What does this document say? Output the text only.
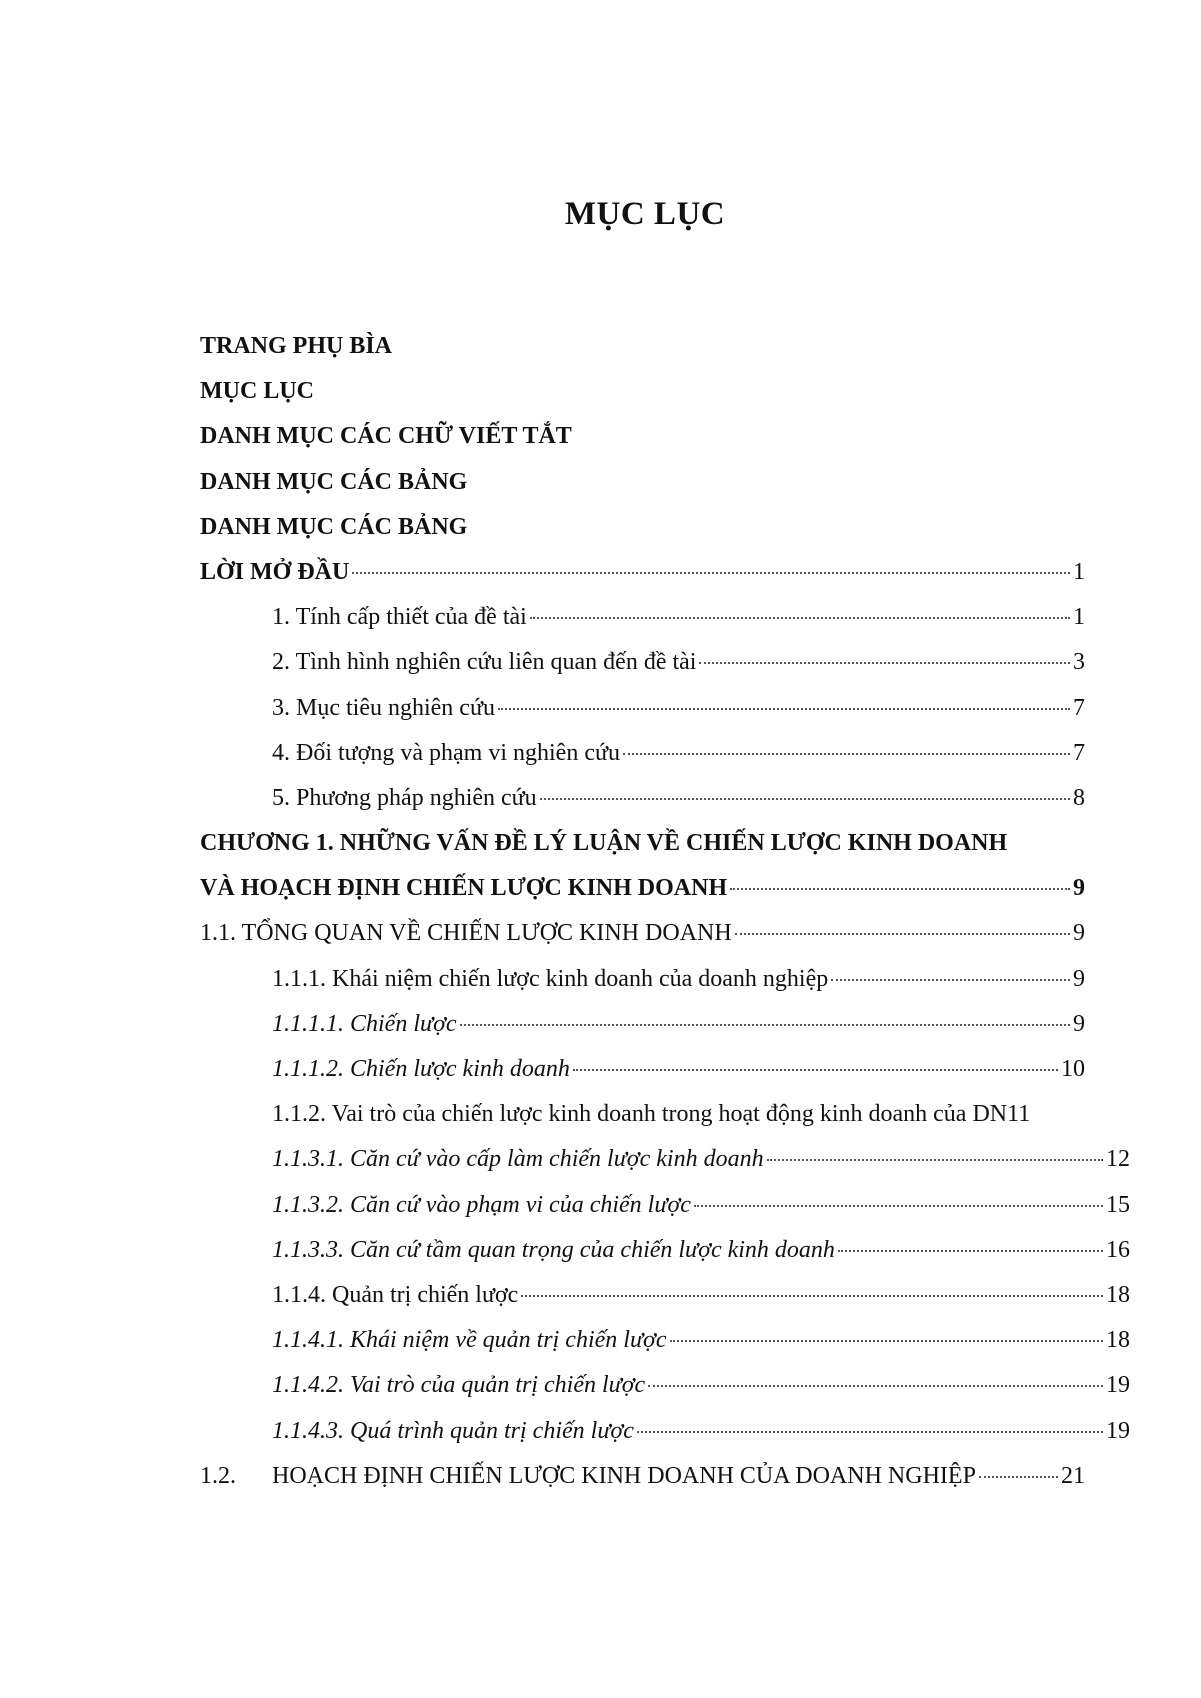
MỤC LỤC
TRANG PHỤ BÌA
MỤC LỤC
DANH MỤC CÁC CHỮ VIẾT TẮT
DANH MỤC CÁC BẢNG
DANH MỤC CÁC BẢNG
LỜI MỞ ĐẦU	1
1. Tính cấp thiết của đề tài	1
2. Tình hình nghiên cứu liên quan đến đề tài	3
3. Mục tiêu nghiên cứu	7
4. Đối tượng và phạm vi nghiên cứu	7
5. Phương pháp nghiên cứu	8
CHƯƠNG 1. NHỮNG VẤN ĐỀ LÝ LUẬN VỀ CHIẾN LƯỢC KINH DOANH
VÀ HOẠCH ĐỊNH CHIẾN LƯỢC KINH DOANH	9
1.1. TỔNG QUAN VỀ CHIẾN LƯỢC KINH DOANH	9
1.1.1. Khái niệm chiến lược kinh doanh của doanh nghiệp	9
1.1.1.1. Chiến lược	9
1.1.1.2. Chiến lược kinh doanh	10
1.1.2. Vai trò của chiến lược kinh doanh trong hoạt động kinh doanh của DN11
1.1.3.1. Căn cứ vào cấp làm chiến lược kinh doanh	12
1.1.3.2. Căn cứ vào phạm vi của chiến lược	15
1.1.3.3. Căn cứ tầm quan trọng của chiến lược kinh doanh	16
1.1.4. Quản trị chiến lược	18
1.1.4.1. Khái niệm về quản trị chiến lược	18
1.1.4.2. Vai trò của quản trị chiến lược	19
1.1.4.3. Quá trình quản trị chiến lược	19
1.2. HOẠCH ĐỊNH CHIẾN LƯỢC KINH DOANH CỦA DOANH NGHIỆP	21
